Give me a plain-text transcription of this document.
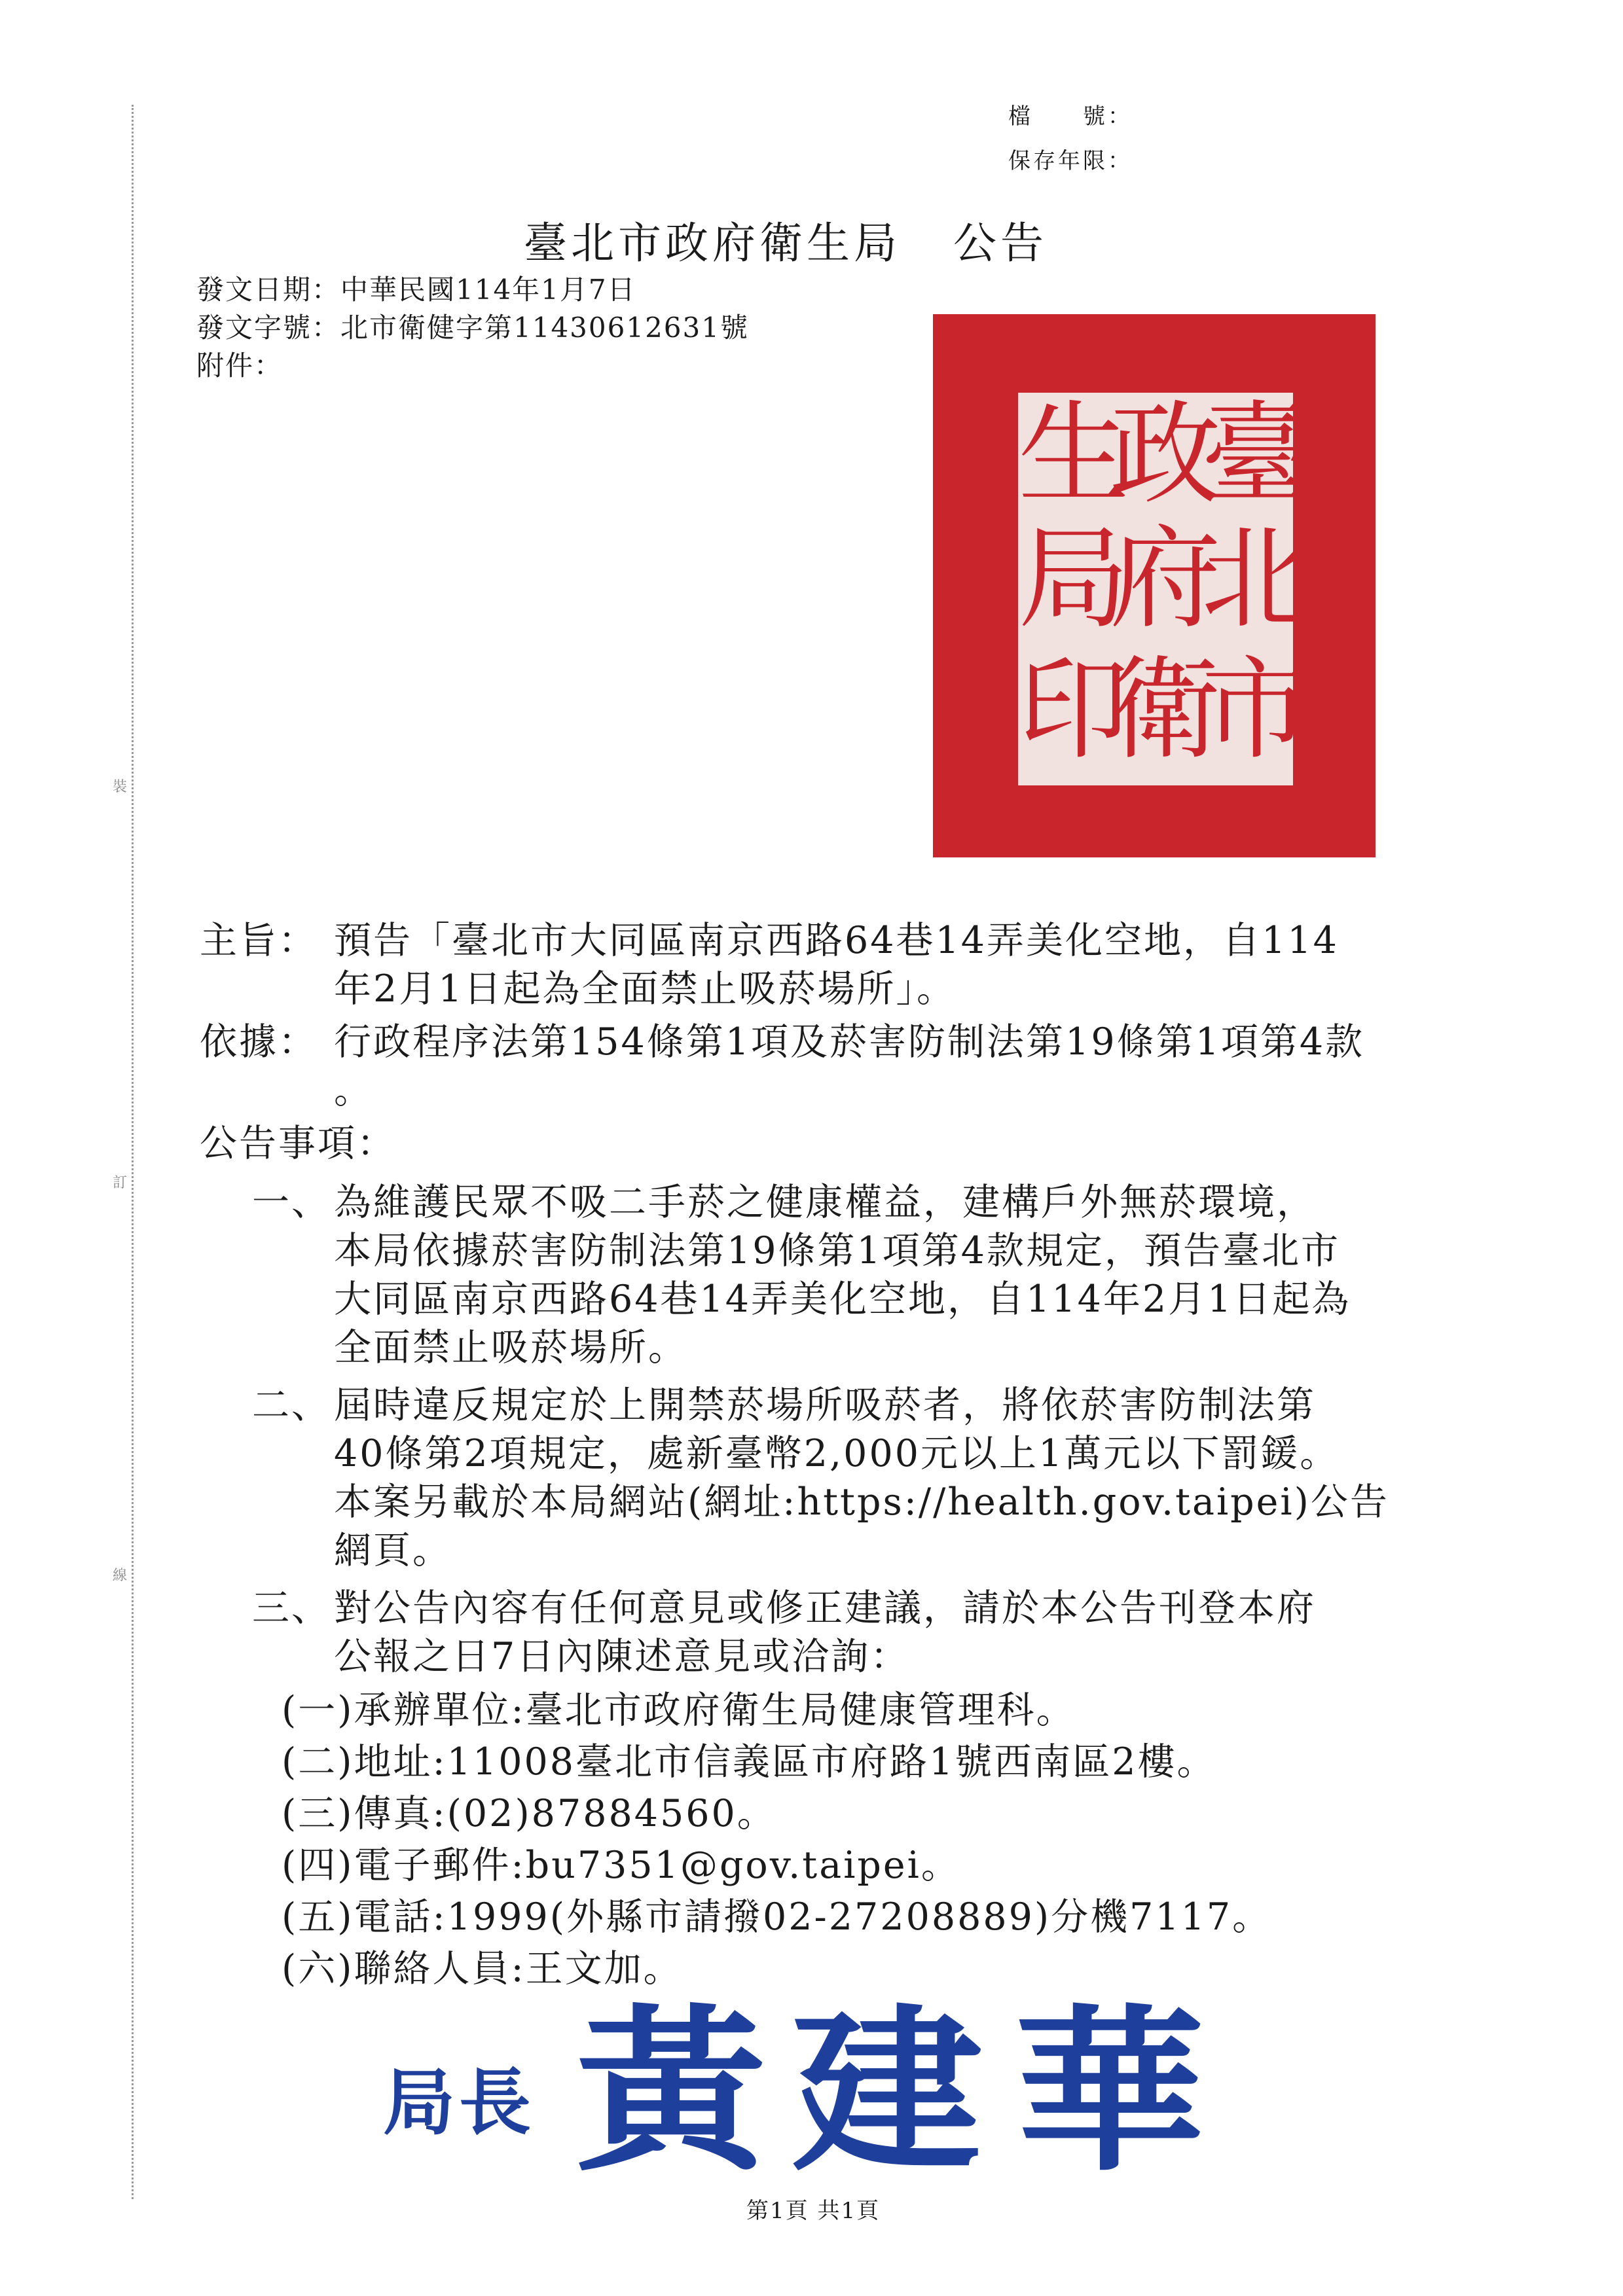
裝
訂
線
檔　　號：
保存年限：
臺北市政府衛生局 公告
發文日期：中華民國114年1月7日
發文字號：北市衛健字第11430612631號
附件：
臺
北
市
政
府
衛
生
局
印
主旨： 預告「臺北市大同區南京西路64巷14弄美化空地，自114
年2月1日起為全面禁止吸菸場所」。
依據： 行政程序法第154條第1項及菸害防制法第19條第1項第4款
。
公告事項：
一、 為維護民眾不吸二手菸之健康權益，建構戶外無菸環境，
本局依據菸害防制法第19條第1項第4款規定，預告臺北市
大同區南京西路64巷14弄美化空地，自114年2月1日起為
全面禁止吸菸場所。
二、 屆時違反規定於上開禁菸場所吸菸者，將依菸害防制法第
40條第2項規定，處新臺幣2,000元以上1萬元以下罰鍰。
本案另載於本局網站(網址:https://health.gov.taipei)公告
網頁。
三、 對公告內容有任何意見或修正建議，請於本公告刊登本府
公報之日7日內陳述意見或洽詢：
(一)承辦單位:臺北市政府衛生局健康管理科。
(二)地址:11008臺北市信義區市府路1號西南區2樓。
(三)傳真:(02)87884560。
(四)電子郵件:bu7351@gov.taipei。
(五)電話:1999(外縣市請撥02-27208889)分機7117。
(六)聯絡人員:王文加。
局長 黃 建 華
第1頁 共1頁
